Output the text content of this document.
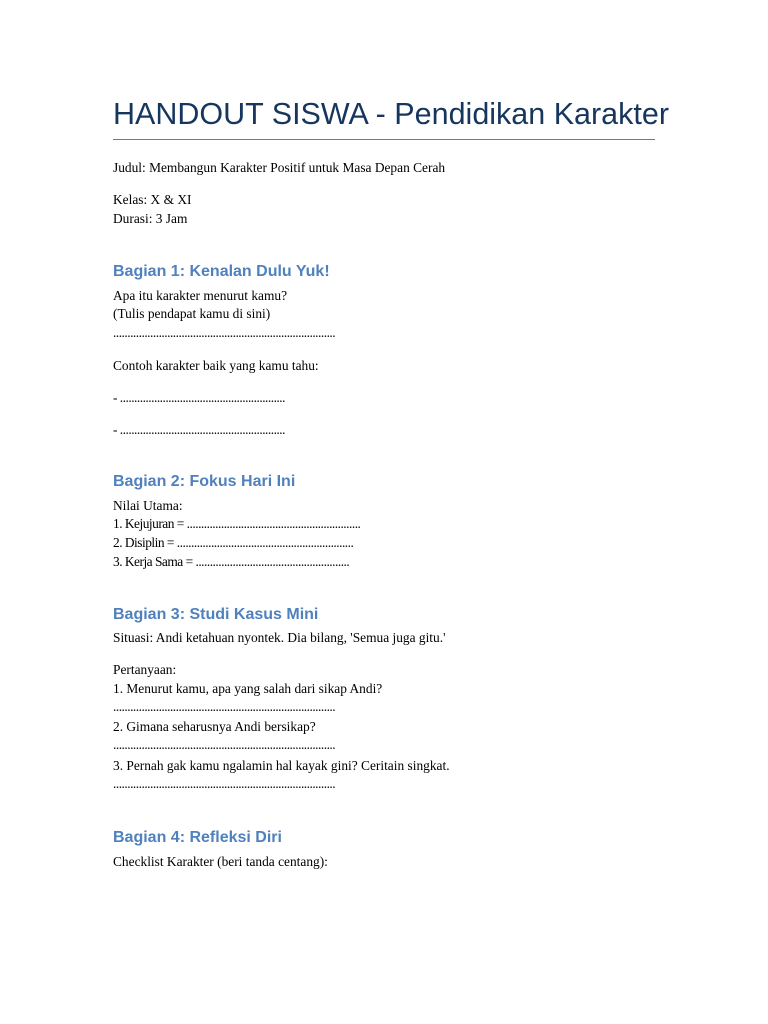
HANDOUT SISWA - Pendidikan Karakter

Judul: Membangun Karakter Positif untuk Masa Depan Cerah

Kelas: X & XI

Durasi: 3 Jam

Bagian 1: Kenalan Dulu Yuk!

Apa itu karakter menurut kamu?

(Tulis pendapat kamu di sini)

..............................................................................

Contoh karakter baik yang kamu tahu:

- ..........................................................

- ..........................................................

Bagian 2: Fokus Hari Ini

Nilai Utama:

1. Kejujuran = .............................................................

2. Disiplin = ..............................................................

3. Kerja Sama = ......................................................

Bagian 3: Studi Kasus Mini

Situasi: Andi ketahuan nyontek. Dia bilang, 'Semua juga gitu.'

Pertanyaan:

1. Menurut kamu, apa yang salah dari sikap Andi?

..............................................................................

2. Gimana seharusnya Andi bersikap?

..............................................................................

3. Pernah gak kamu ngalamin hal kayak gini? Ceritain singkat.

..............................................................................

Bagian 4: Refleksi Diri

Checklist Karakter (beri tanda centang):
